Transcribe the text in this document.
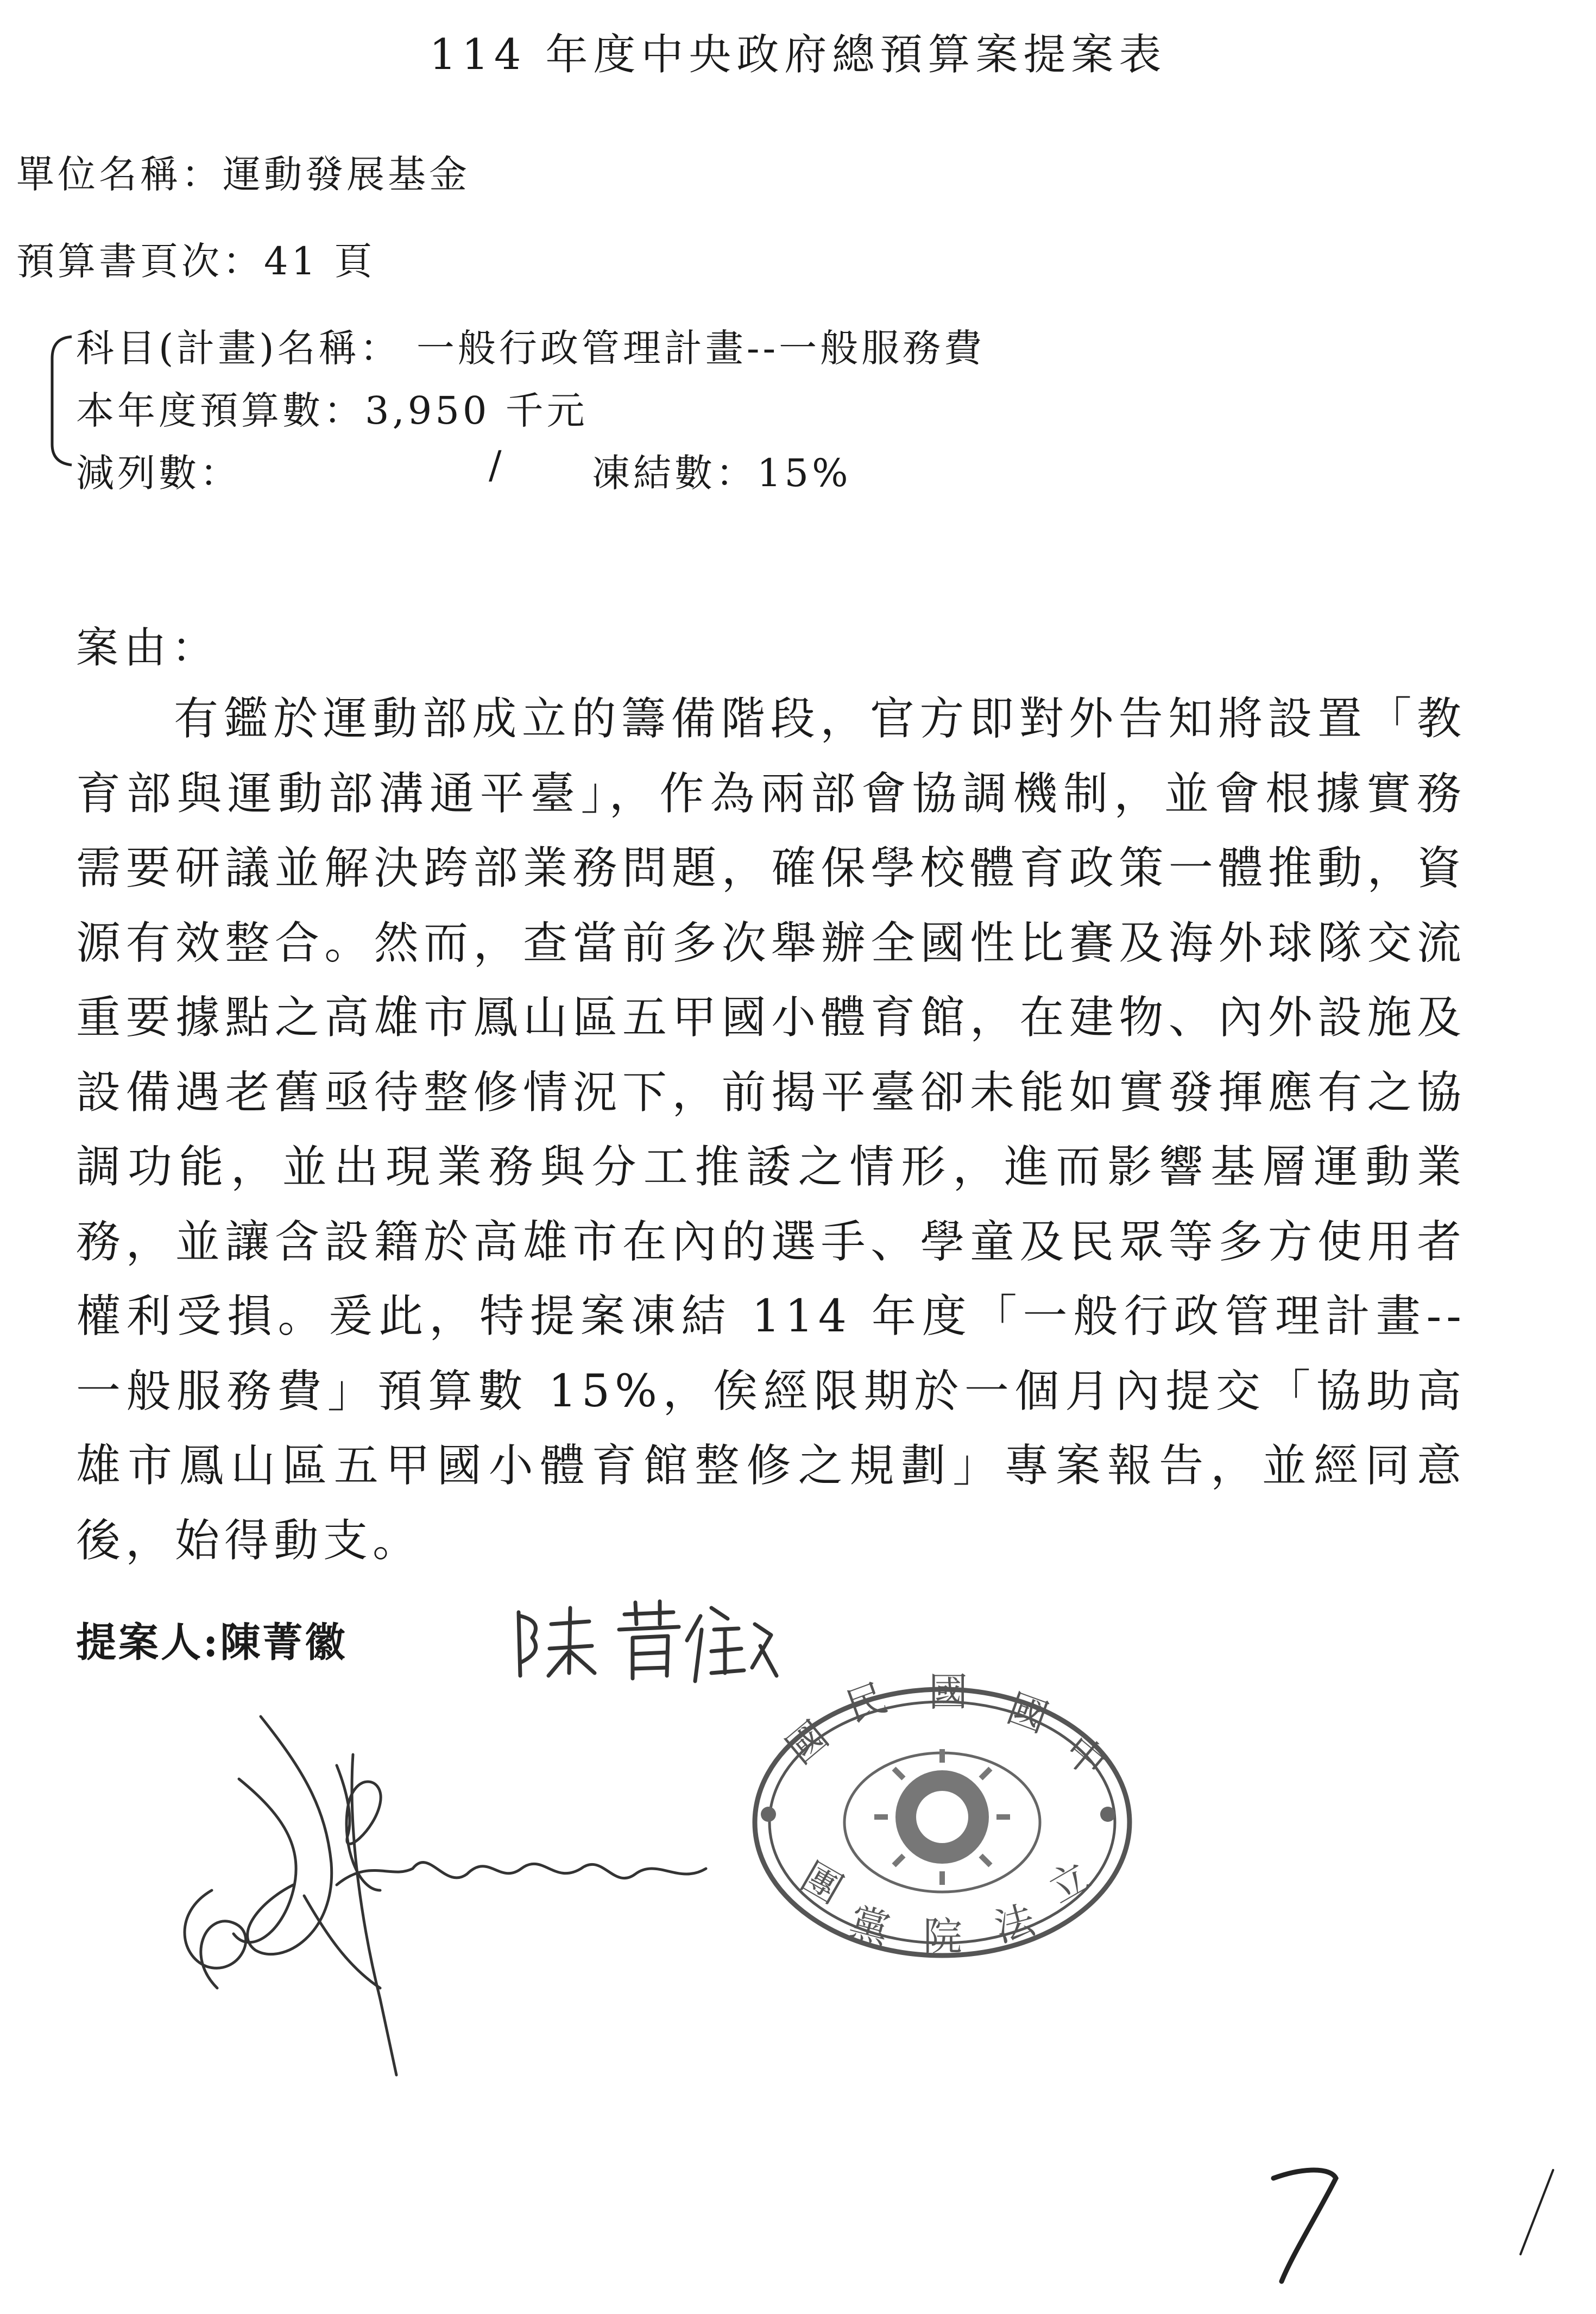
114 年度中央政府總預算案提案表
單位名稱：運動發展基金
預算書頁次：41 頁
科目(計畫)名稱： 一般行政管理計畫--一般服務費
本年度預算數：3,950 千元
減列數：	/ 凍結數：15%
案由：
有鑑於運動部成立的籌備階段，官方即對外告知將設置「教育部與運動部溝通平臺」，作為兩部會協調機制，並會根據實務需要研議並解決跨部業務問題，確保學校體育政策一體推動，資源有效整合。然而，查當前多次舉辦全國性比賽及海外球隊交流重要據點之高雄市鳳山區五甲國小體育館，在建物、內外設施及設備遇老舊亟待整修情況下，前揭平臺卻未能如實發揮應有之協調功能，並出現業務與分工推諉之情形，進而影響基層運動業務，並讓含設籍於高雄市在內的選手、學童及民眾等多方使用者權利受損。爰此，特提案凍結 114 年度「一般行政管理計畫--一般服務費」預算數 15%，俟經限期於一個月內提交「協助高雄市鳳山區五甲國小體育館整修之規劃」專案報告，並經同意後，始得動支。
提案人:陳菁徽
國
民 國 國
中
團
黨 院 法
立
